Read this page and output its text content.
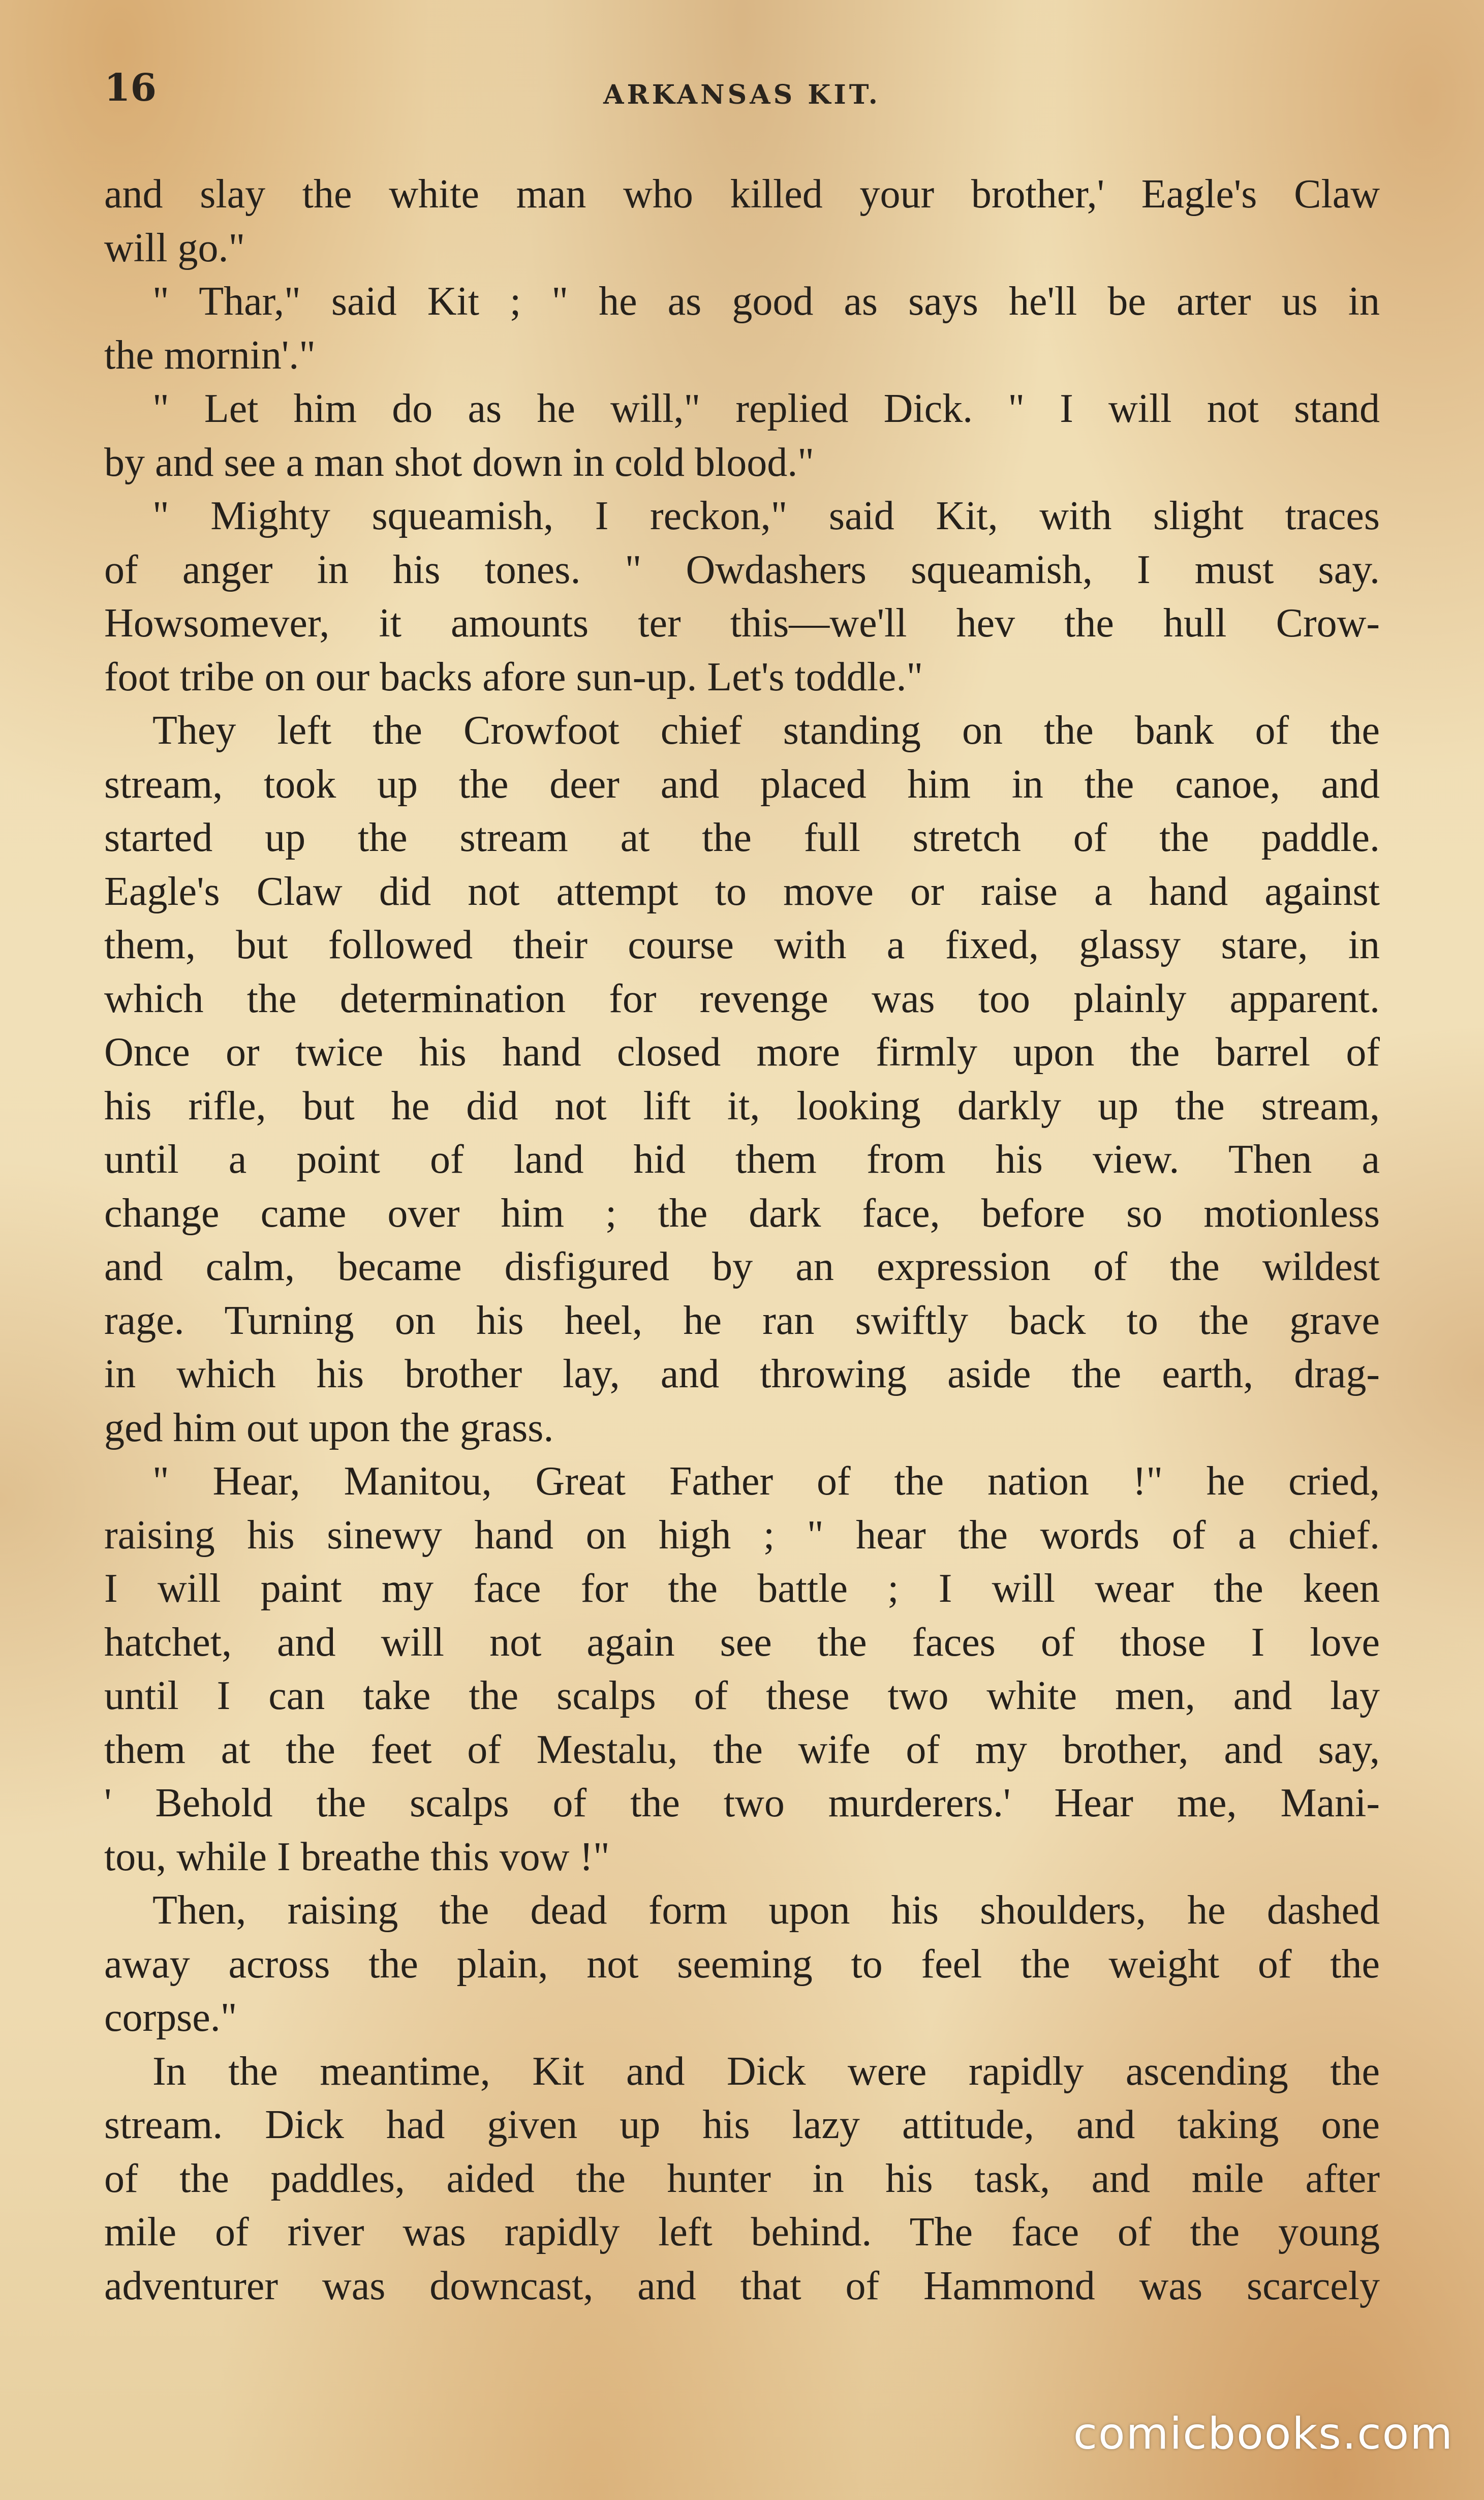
16	ARKANSAS KIT.
and slay the white man who killed your brother,' Eagle's Claw
will go."
" Thar," said Kit ; " he as good as says he'll be arter us in
the mornin'."
" Let him do as he will," replied Dick. " I will not stand
by and see a man shot down in cold blood."
" Mighty squeamish, I reckon," said Kit, with slight traces
of anger in his tones. " Owdashers squeamish, I must say.
Howsomever, it amounts ter this—we'll hev the hull Crow-
foot tribe on our backs afore sun-up. Let's toddle."
They left the Crowfoot chief standing on the bank of the
stream, took up the deer and placed him in the canoe, and
started up the stream at the full stretch of the paddle.
Eagle's Claw did not attempt to move or raise a hand against
them, but followed their course with a fixed, glassy stare, in
which the determination for revenge was too plainly apparent.
Once or twice his hand closed more firmly upon the barrel of
his rifle, but he did not lift it, looking darkly up the stream,
until a point of land hid them from his view. Then a
change came over him ; the dark face, before so motionless
and calm, became disfigured by an expression of the wildest
rage. Turning on his heel, he ran swiftly back to the grave
in which his brother lay, and throwing aside the earth, drag-
ged him out upon the grass.
" Hear, Manitou, Great Father of the nation !" he cried,
raising his sinewy hand on high ; " hear the words of a chief.
I will paint my face for the battle ; I will wear the keen
hatchet, and will not again see the faces of those I love
until I can take the scalps of these two white men, and lay
them at the feet of Mestalu, the wife of my brother, and say,
' Behold the scalps of the two murderers.' Hear me, Mani-
tou, while I breathe this vow !"
Then, raising the dead form upon his shoulders, he dashed
away across the plain, not seeming to feel the weight of the
corpse."
In the meantime, Kit and Dick were rapidly ascending the
stream. Dick had given up his lazy attitude, and taking one
of the paddles, aided the hunter in his task, and mile after
mile of river was rapidly left behind. The face of the young
adventurer was downcast, and that of Hammond was scarcely
comicbooks.com
